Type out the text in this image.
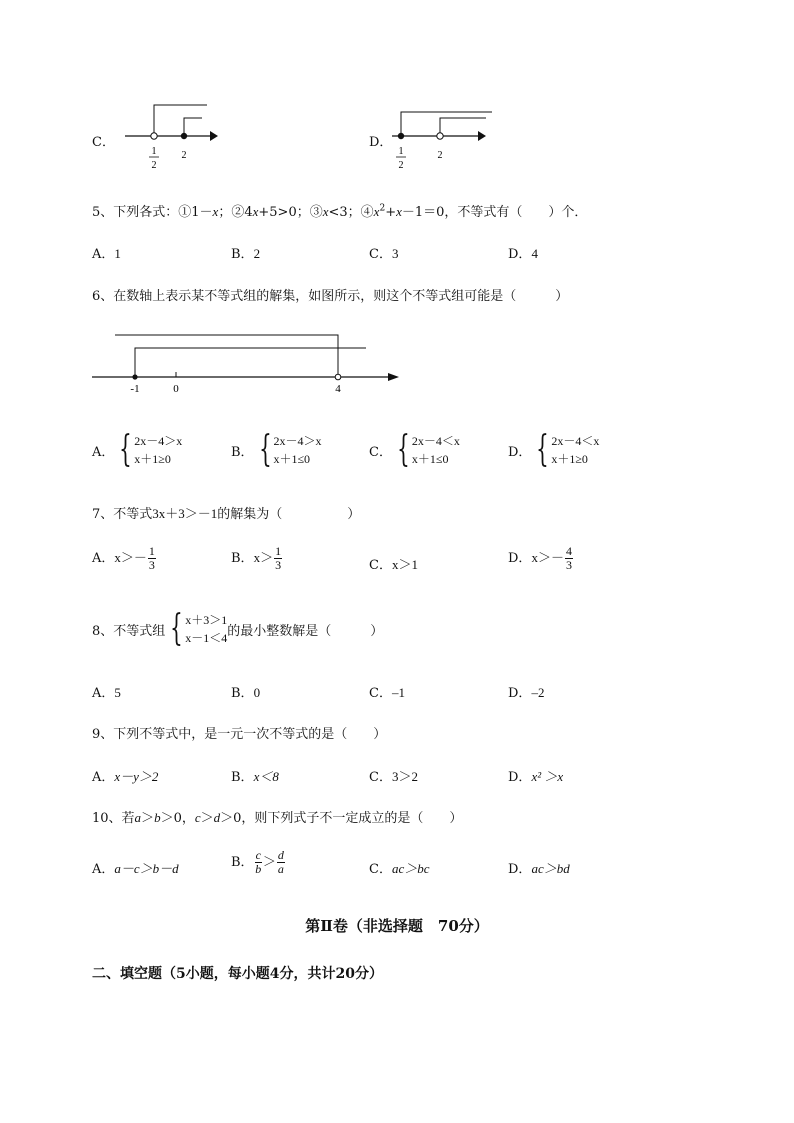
C．
1
2
2
D．
1
2
2
5、下列各式：①1－x；②4x+5>0；③x<3；$④x^2+x-1=0$，不等式有（　　）个．
A．1	B．2	C．3	D．4
6、在数轴上表示某不等式组的解集，如图所示，则这个不等式组可能是（　　　）
-1	0	4
A． { 2x－4＞x
x＋1≥0	B． { 2x－4＞x
x＋1≤0	C． { 2x－4＜x
x＋1≤0	D． { 2x－4＜x
x＋1≥0
7、不等式3x＋3＞－1的解集为（　　　　　）
A．$x>- \frac{1}{3}$	B．$x> \frac{1}{3}$	C．x＞1	D．$x>- \frac{4}{3}$
8、不等式组 { x＋3＞1
x－1＜4 的最小整数解是（　　　）
A．5	B．0	C．–1	D．–2
9、下列不等式中，是一元一次不等式的是（　　）
A．x－y＞2	B．x＜8	C．3＞2	D．x² ＞x
10、若a＞b＞0，c＞d＞0，则下列式子不一定成立的是（　　）
A．a－c＞b－d	B． $\frac{c}{b} > \frac{d}{a}$	C．ac＞bc	D．ac＞bd
第Ⅱ卷（非选择题　70分）
二、填空题（5小题，每小题4分，共计20分）
